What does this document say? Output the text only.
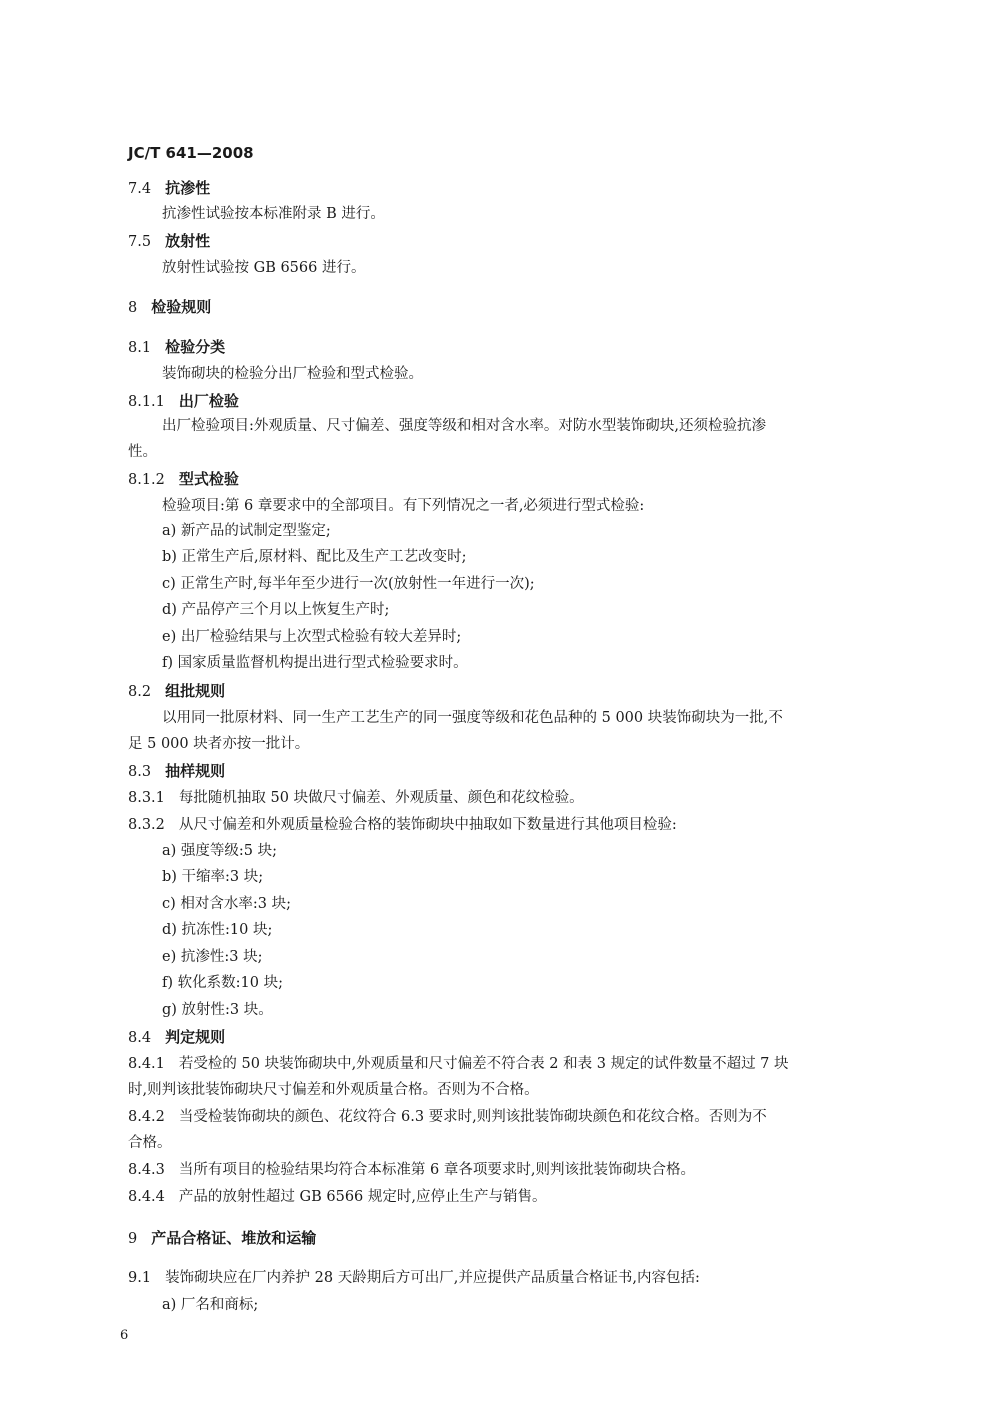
JC/T 641—2008
7.4 抗渗性
抗渗性试验按本标准附录 B 进行。
7.5 放射性
放射性试验按 GB 6566 进行。
8 检验规则
8.1 检验分类
装饰砌块的检验分出厂检验和型式检验。
8.1.1 出厂检验
出厂检验项目:外观质量、尺寸偏差、强度等级和相对含水率。对防水型装饰砌块,还须检验抗渗
性。
8.1.2 型式检验
检验项目:第 6 章要求中的全部项目。有下列情况之一者,必须进行型式检验:
a) 新产品的试制定型鉴定;
b) 正常生产后,原材料、配比及生产工艺改变时;
c) 正常生产时,每半年至少进行一次(放射性一年进行一次);
d) 产品停产三个月以上恢复生产时;
e) 出厂检验结果与上次型式检验有较大差异时;
f) 国家质量监督机构提出进行型式检验要求时。
8.2 组批规则
以用同一批原材料、同一生产工艺生产的同一强度等级和花色品种的 5 000 块装饰砌块为一批,不
足 5 000 块者亦按一批计。
8.3 抽样规则
8.3.1 每批随机抽取 50 块做尺寸偏差、外观质量、颜色和花纹检验。
8.3.2 从尺寸偏差和外观质量检验合格的装饰砌块中抽取如下数量进行其他项目检验:
a) 强度等级:5 块;
b) 干缩率:3 块;
c) 相对含水率:3 块;
d) 抗冻性:10 块;
e) 抗渗性:3 块;
f) 软化系数:10 块;
g) 放射性:3 块。
8.4 判定规则
8.4.1 若受检的 50 块装饰砌块中,外观质量和尺寸偏差不符合表 2 和表 3 规定的试件数量不超过 7 块
时,则判该批装饰砌块尺寸偏差和外观质量合格。否则为不合格。
8.4.2 当受检装饰砌块的颜色、花纹符合 6.3 要求时,则判该批装饰砌块颜色和花纹合格。否则为不
合格。
8.4.3 当所有项目的检验结果均符合本标准第 6 章各项要求时,则判该批装饰砌块合格。
8.4.4 产品的放射性超过 GB 6566 规定时,应停止生产与销售。
9 产品合格证、堆放和运输
9.1 装饰砌块应在厂内养护 28 天龄期后方可出厂,并应提供产品质量合格证书,内容包括:
a) 厂名和商标;
6
